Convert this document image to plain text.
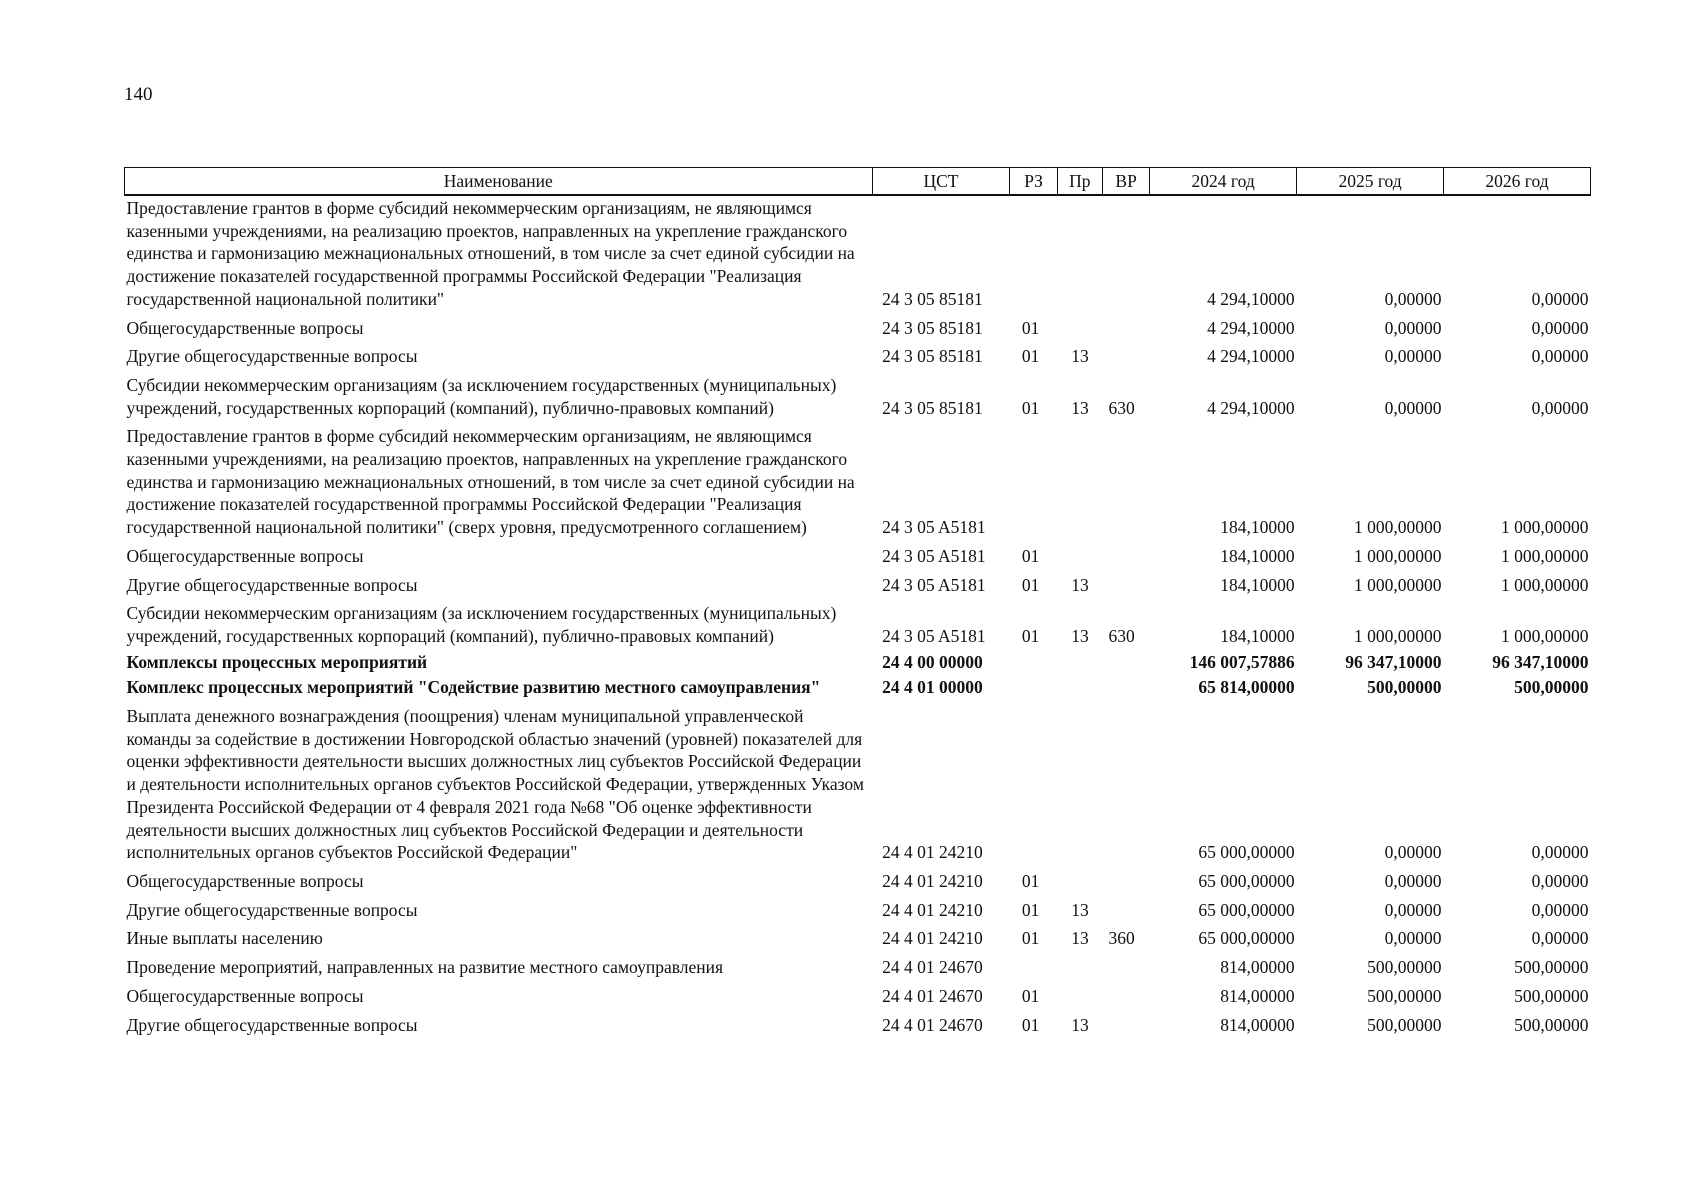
140
Наименование	ЦСТ	РЗ	Пр	ВР	2024 год	2025 год	2026 год
Предоставление грантов в форме субсидий некоммерческим организациям, не являющимся казенными учреждениями, на реализацию проектов, направленных на укрепление гражданского единства и гармонизацию межнациональных отношений, в том числе за счет единой субсидии на достижение показателей государственной программы Российской Федерации "Реализация государственной национальной политики"	24 3 05 85181				4 294,10000	0,00000	0,00000
Общегосударственные вопросы	24 3 05 85181	01			4 294,10000	0,00000	0,00000
Другие общегосударственные вопросы	24 3 05 85181	01	13		4 294,10000	0,00000	0,00000
Субсидии некоммерческим организациям (за исключением государственных (муниципальных) учреждений, государственных корпораций (компаний), публично-правовых компаний)	24 3 05 85181	01	13	630	4 294,10000	0,00000	0,00000
Предоставление грантов в форме субсидий некоммерческим организациям, не являющимся казенными учреждениями, на реализацию проектов, направленных на укрепление гражданского единства и гармонизацию межнациональных отношений, в том числе за счет единой субсидии на достижение показателей государственной программы Российской Федерации "Реализация государственной национальной политики" (сверх уровня, предусмотренного соглашением)	24 3 05 A5181				184,10000	1 000,00000	1 000,00000
Общегосударственные вопросы	24 3 05 A5181	01			184,10000	1 000,00000	1 000,00000
Другие общегосударственные вопросы	24 3 05 A5181	01	13		184,10000	1 000,00000	1 000,00000
Субсидии некоммерческим организациям (за исключением государственных (муниципальных) учреждений, государственных корпораций (компаний), публично-правовых компаний)	24 3 05 A5181	01	13	630	184,10000	1 000,00000	1 000,00000
Комплексы процессных мероприятий	24 4 00 00000				146 007,57886	96 347,10000	96 347,10000
Комплекс процессных мероприятий "Содействие развитию местного самоуправления"	24 4 01 00000				65 814,00000	500,00000	500,00000
Выплата денежного вознаграждения (поощрения) членам муниципальной управленческой команды за содействие в достижении Новгородской областью значений (уровней) показателей для оценки эффективности деятельности высших должностных лиц субъектов Российской Федерации и деятельности исполнительных органов субъектов Российской Федерации, утвержденных Указом Президента Российской Федерации от 4 февраля 2021 года №68 "Об оценке эффективности деятельности высших должностных лиц субъектов Российской Федерации и деятельности исполнительных органов субъектов Российской Федерации"	24 4 01 24210				65 000,00000	0,00000	0,00000
Общегосударственные вопросы	24 4 01 24210	01			65 000,00000	0,00000	0,00000
Другие общегосударственные вопросы	24 4 01 24210	01	13		65 000,00000	0,00000	0,00000
Иные выплаты населению	24 4 01 24210	01	13	360	65 000,00000	0,00000	0,00000
Проведение мероприятий, направленных на развитие местного самоуправления	24 4 01 24670				814,00000	500,00000	500,00000
Общегосударственные вопросы	24 4 01 24670	01			814,00000	500,00000	500,00000
Другие общегосударственные вопросы	24 4 01 24670	01	13		814,00000	500,00000	500,00000
